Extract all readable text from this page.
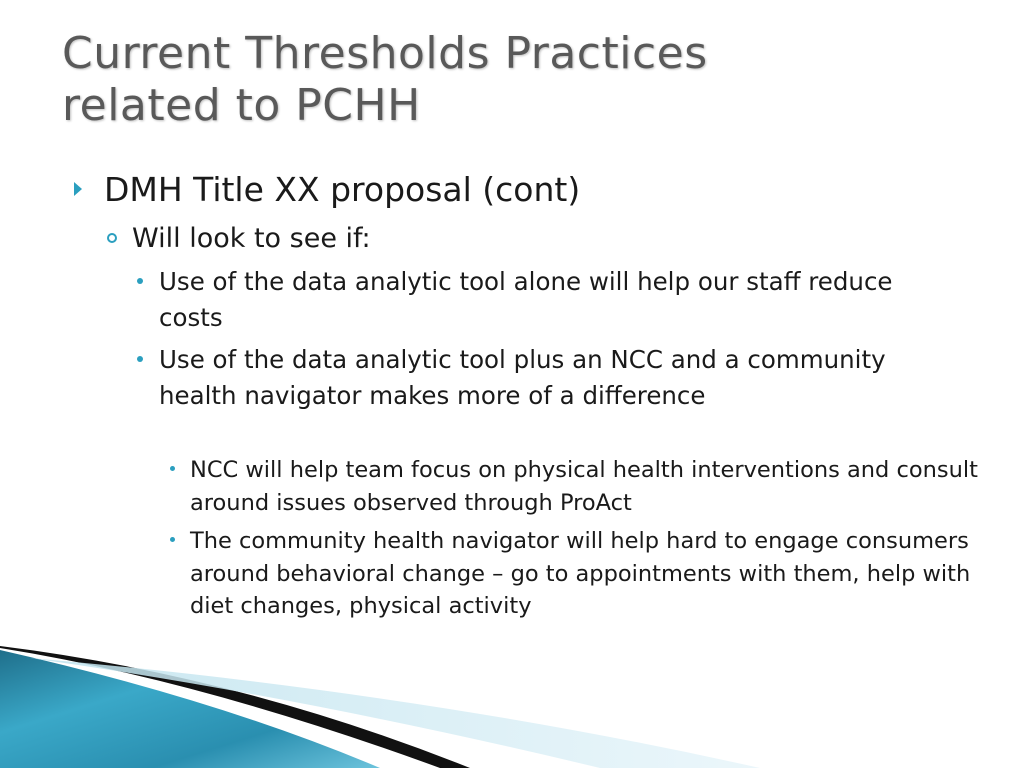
Current Thresholds Practices
related to PCHH
DMH Title XX proposal (cont)
Will look to see if:
Use of the data analytic tool alone will help our staff reduce costs
Use of the data analytic tool plus an NCC and a community health navigator makes more of a difference
NCC will help team focus on physical health interventions and consult around issues observed through ProAct
The community health navigator will help hard to engage consumers around behavioral change – go to appointments with them, help with diet changes, physical activity
